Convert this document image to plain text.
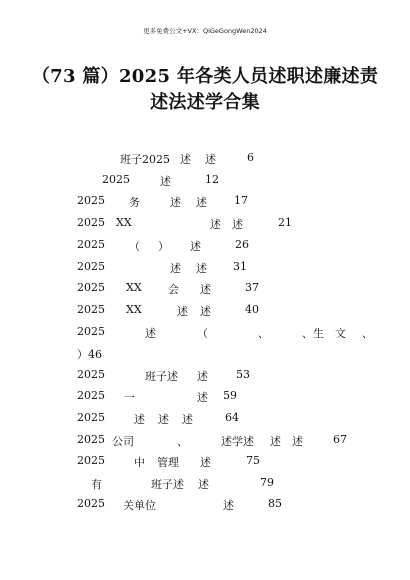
更多免费公文+VX：QiGeGongWen2024
（73 篇）2025 年各类人员述职述廉述责
述法述学合集
班子2025 述 述	6
2025	述	12
2025 务	述 述 17
2025 XX	述 述	21
2025 （ ） 述	26
2025	述 述 31
2025 XX 会 述	37
2025 XX	述 述	40
2025	述	（	、	、生 文 、
）46
2025	班子述 述	53
2025 一	述 59
2025	述 述 述	64
2025 公司	、	述学述 述 述	67
2025	中 管理 述	75
有	班子述 述	79
2025 关单位	述	85
